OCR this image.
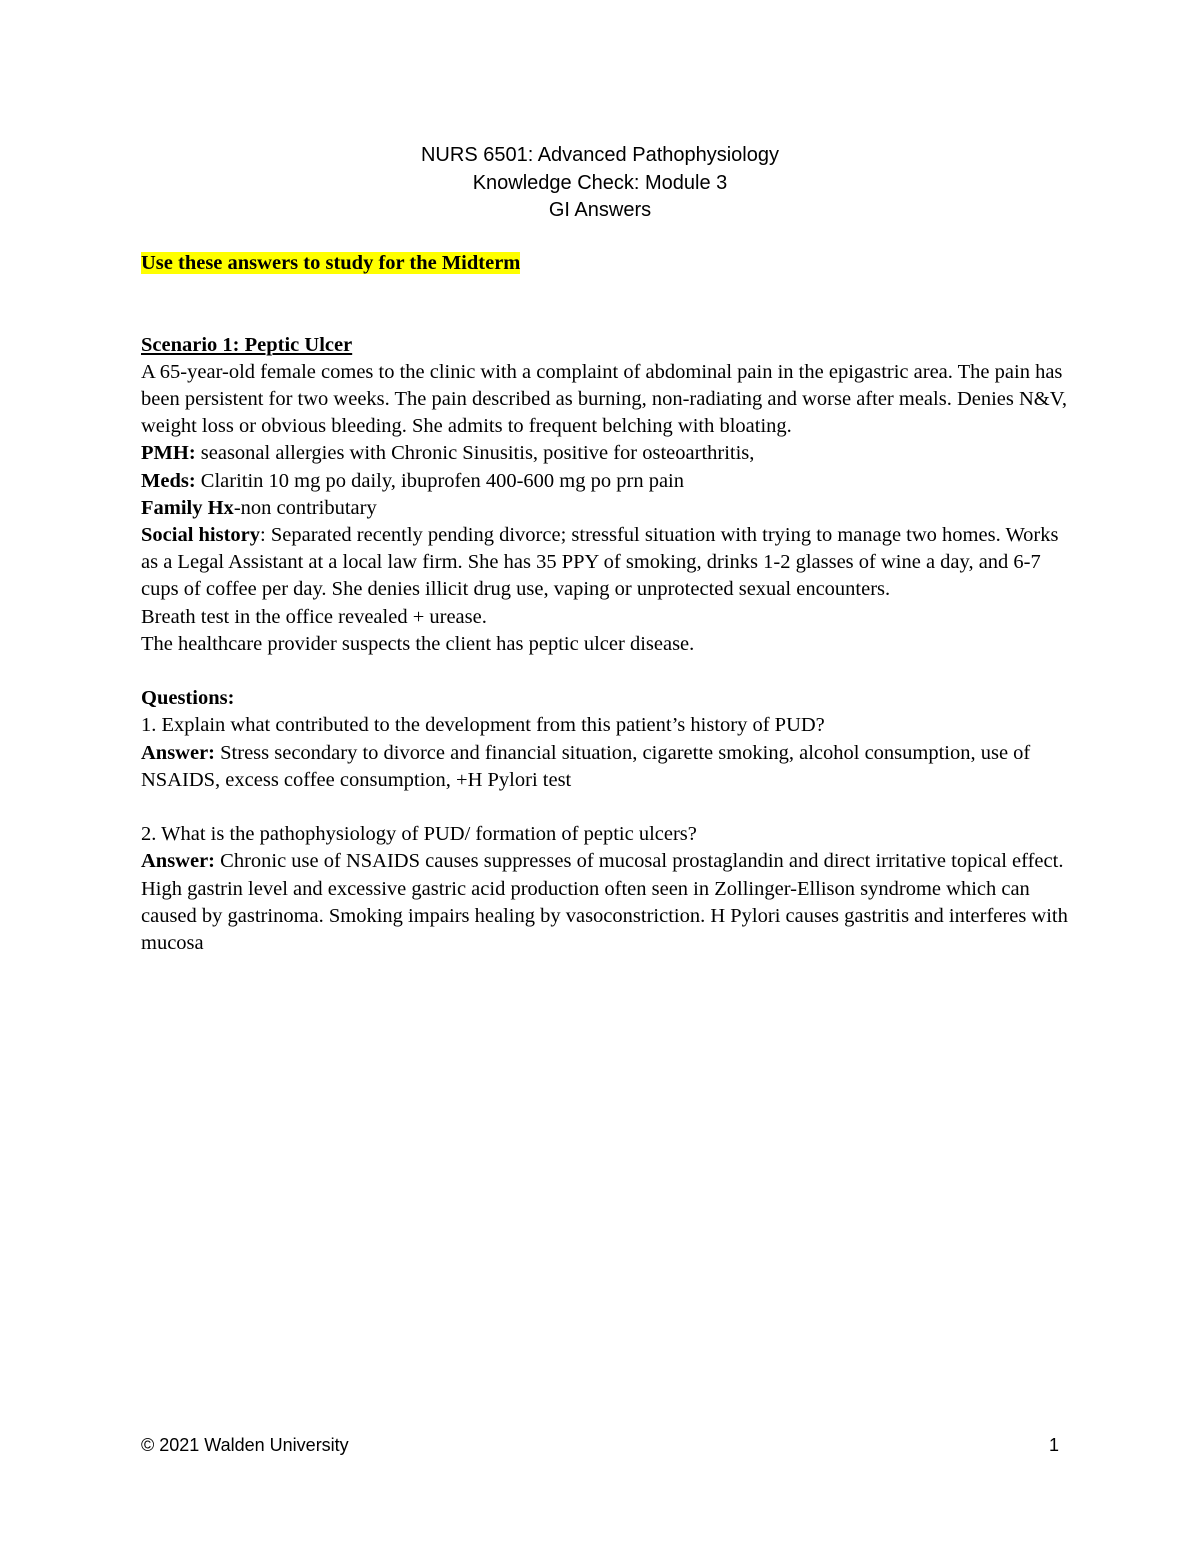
NURS 6501: Advanced Pathophysiology
Knowledge Check: Module 3
GI Answers

Use these answers to study for the Midterm

Scenario 1: Peptic Ulcer

A 65-year-old female comes to the clinic with a complaint of abdominal pain in the epigastric area. The pain has been persistent for two weeks. The pain described as burning, non-radiating and worse after meals. Denies N&V, weight loss or obvious bleeding. She admits to frequent belching with bloating.

PMH: seasonal allergies with Chronic Sinusitis, positive for osteoarthritis,

Meds: Claritin 10 mg po daily, ibuprofen 400-600 mg po prn pain

Family Hx-non contributary

Social history: Separated recently pending divorce; stressful situation with trying to manage two homes. Works as a Legal Assistant at a local law firm. She has 35 PPY of smoking, drinks 1-2 glasses of wine a day, and 6-7 cups of coffee per day. She denies illicit drug use, vaping or unprotected sexual encounters.

Breath test in the office revealed + urease.

The healthcare provider suspects the client has peptic ulcer disease.

Questions:

1. Explain what contributed to the development from this patient’s history of PUD?

Answer: Stress secondary to divorce and financial situation, cigarette smoking, alcohol consumption, use of NSAIDS, excess coffee consumption, +H Pylori test

2. What is the pathophysiology of PUD/ formation of peptic ulcers?

Answer: Chronic use of NSAIDS causes suppresses of mucosal prostaglandin and direct irritative topical effect. High gastrin level and excessive gastric acid production often seen in Zollinger-Ellison syndrome which can caused by gastrinoma. Smoking impairs healing by vasoconstriction. H Pylori causes gastritis and interferes with mucosa

© 2021 Walden University	1
